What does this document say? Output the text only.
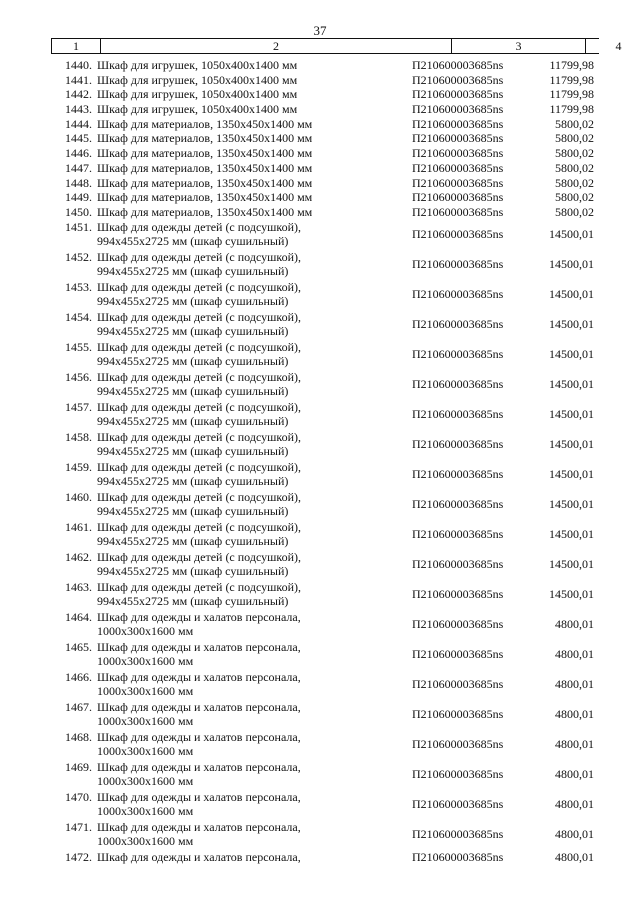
37
1	2	3	4
1440. Шкаф для игрушек, 1050х400х1400 мм	П210600003685ns	11799,98
1441. Шкаф для игрушек, 1050х400х1400 мм	П210600003685ns	11799,98
1442. Шкаф для игрушек, 1050х400х1400 мм	П210600003685ns	11799,98
1443. Шкаф для игрушек, 1050х400х1400 мм	П210600003685ns	11799,98
1444. Шкаф для материалов, 1350х450х1400 мм	П210600003685ns	5800,02
1445. Шкаф для материалов, 1350х450х1400 мм	П210600003685ns	5800,02
1446. Шкаф для материалов, 1350х450х1400 мм	П210600003685ns	5800,02
1447. Шкаф для материалов, 1350х450х1400 мм	П210600003685ns	5800,02
1448. Шкаф для материалов, 1350х450х1400 мм	П210600003685ns	5800,02
1449. Шкаф для материалов, 1350х450х1400 мм	П210600003685ns	5800,02
1450. Шкаф для материалов, 1350х450х1400 мм	П210600003685ns	5800,02
1451. Шкаф для одежды детей (с подсушкой),
994х455х2725 мм (шкаф сушильный)
П210600003685ns	14500,01
1452. Шкаф для одежды детей (с подсушкой),
994х455х2725 мм (шкаф сушильный)
П210600003685ns	14500,01
1453. Шкаф для одежды детей (с подсушкой),
994х455х2725 мм (шкаф сушильный)
П210600003685ns	14500,01
1454. Шкаф для одежды детей (с подсушкой),
994х455х2725 мм (шкаф сушильный)
П210600003685ns	14500,01
1455. Шкаф для одежды детей (с подсушкой),
994х455х2725 мм (шкаф сушильный)
П210600003685ns	14500,01
1456. Шкаф для одежды детей (с подсушкой),
994х455х2725 мм (шкаф сушильный)
П210600003685ns	14500,01
1457. Шкаф для одежды детей (с подсушкой),
994х455х2725 мм (шкаф сушильный)
П210600003685ns	14500,01
1458. Шкаф для одежды детей (с подсушкой),
994х455х2725 мм (шкаф сушильный)
П210600003685ns	14500,01
1459. Шкаф для одежды детей (с подсушкой),
994х455х2725 мм (шкаф сушильный)
П210600003685ns	14500,01
1460. Шкаф для одежды детей (с подсушкой),
994х455х2725 мм (шкаф сушильный)
П210600003685ns	14500,01
1461. Шкаф для одежды детей (с подсушкой),
994х455х2725 мм (шкаф сушильный)
П210600003685ns	14500,01
1462. Шкаф для одежды детей (с подсушкой),
994х455х2725 мм (шкаф сушильный)
П210600003685ns	14500,01
1463. Шкаф для одежды детей (с подсушкой),
994х455х2725 мм (шкаф сушильный)
П210600003685ns	14500,01
1464. Шкаф для одежды и халатов персонала,
1000х300х1600 мм
П210600003685ns	4800,01
1465. Шкаф для одежды и халатов персонала,
1000х300х1600 мм
П210600003685ns	4800,01
1466. Шкаф для одежды и халатов персонала,
1000х300х1600 мм
П210600003685ns	4800,01
1467. Шкаф для одежды и халатов персонала,
1000х300х1600 мм
П210600003685ns	4800,01
1468. Шкаф для одежды и халатов персонала,
1000х300х1600 мм
П210600003685ns	4800,01
1469. Шкаф для одежды и халатов персонала,
1000х300х1600 мм
П210600003685ns	4800,01
1470. Шкаф для одежды и халатов персонала,
1000х300х1600 мм
П210600003685ns	4800,01
1471. Шкаф для одежды и халатов персонала,
1000х300х1600 мм
П210600003685ns	4800,01
1472. Шкаф для одежды и халатов персонала,	П210600003685ns	4800,01
